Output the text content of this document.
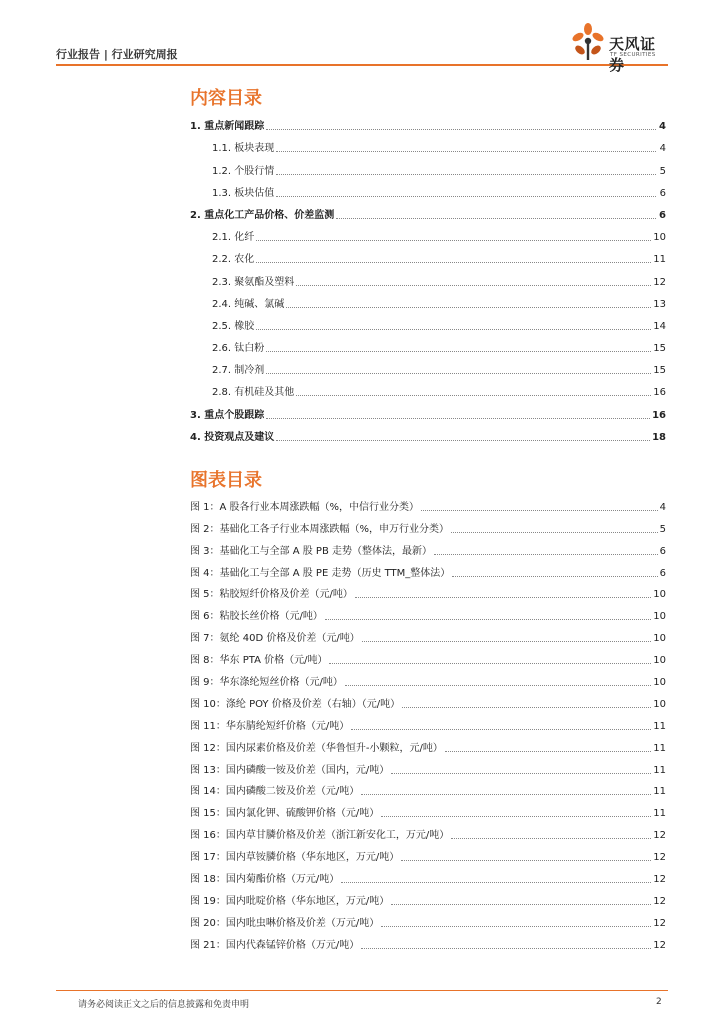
行业报告 | 行业研究周报
天风证券
TF SECURITIES
内容目录
1. 重点新闻跟踪	4
1.1. 板块表现	4
1.2. 个股行情	5
1.3. 板块估值	6
2. 重点化工产品价格、价差监测	6
2.1. 化纤	10
2.2. 农化	11
2.3. 聚氨酯及塑料	12
2.4. 纯碱、氯碱	13
2.5. 橡胶	14
2.6. 钛白粉	15
2.7. 制冷剂	15
2.8. 有机硅及其他	16
3. 重点个股跟踪	16
4. 投资观点及建议	18
图表目录
图 1：A 股各行业本周涨跌幅（%，中信行业分类）	4
图 2：基础化工各子行业本周涨跌幅（%，申万行业分类）	5
图 3：基础化工与全部 A 股 PB 走势（整体法，最新）	6
图 4：基础化工与全部 A 股 PE 走势（历史 TTM_整体法）	6
图 5：粘胶短纤价格及价差（元/吨）	10
图 6：粘胶长丝价格（元/吨）	10
图 7：氨纶 40D 价格及价差（元/吨）	10
图 8：华东 PTA 价格（元/吨）	10
图 9：华东涤纶短丝价格（元/吨）	10
图 10：涤纶 POY 价格及价差（右轴）（元/吨）	10
图 11：华东腈纶短纤价格（元/吨）	11
图 12：国内尿素价格及价差（华鲁恒升-小颗粒，元/吨）	11
图 13：国内磷酸一铵及价差（国内，元/吨）	11
图 14：国内磷酸二铵及价差（元/吨）	11
图 15：国内氯化钾、硫酸钾价格（元/吨）	11
图 16：国内草甘膦价格及价差（浙江新安化工，万元/吨）	12
图 17：国内草铵膦价格（华东地区，万元/吨）	12
图 18：国内菊酯价格（万元/吨）	12
图 19：国内吡啶价格（华东地区，万元/吨）	12
图 20：国内吡虫啉价格及价差（万元/吨）	12
图 21：国内代森锰锌价格（万元/吨）	12
请务必阅读正文之后的信息披露和免责申明	2
